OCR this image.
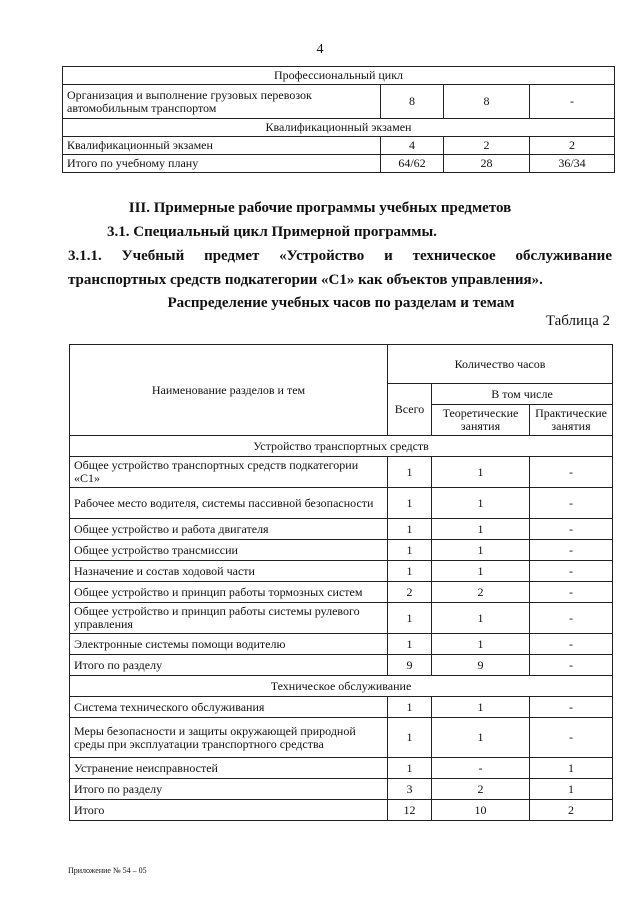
4
Профессиональный цикл			
Организация и выполнение грузовых перевозок автомобильным транспортом	8	8	-
Квалификационный экзамен			
Квалификационный экзамен	4	2	2
Итого по учебному плану	64/62	28	36/34
III. Примерные рабочие программы учебных предметов
3.1. Специальный цикл Примерной программы.
3.1.1. Учебный предмет «Устройство и техническое обслуживание
транспортных средств подкатегории «C1» как объектов управления».
Распределение учебных часов по разделам и темам
Таблица 2
Наименование разделов и тем	Количество часов		
	Всего	В том числе	
		Теоретические занятия	Практические занятия
Устройство транспортных средств			
Общее устройство транспортных средств подкатегории «C1»	1	1	-
Рабочее место водителя, системы пассивной безопасности	1	1	-
Общее устройство и работа двигателя	1	1	-
Общее устройство трансмиссии	1	1	-
Назначение и состав ходовой части	1	1	-
Общее устройство и принцип работы тормозных систем	2	2	-
Общее устройство и принцип работы системы рулевого управления	1	1	-
Электронные системы помощи водителю	1	1	-
Итого по разделу	9	9	-
Техническое обслуживание			
Система технического обслуживания	1	1	-
Меры безопасности и защиты окружающей природной среды при эксплуатации транспортного средства	1	1	-
Устранение неисправностей	1	-	1
Итого по разделу	3	2	1
Итого	12	10	2
Приложение № 54 – 05
